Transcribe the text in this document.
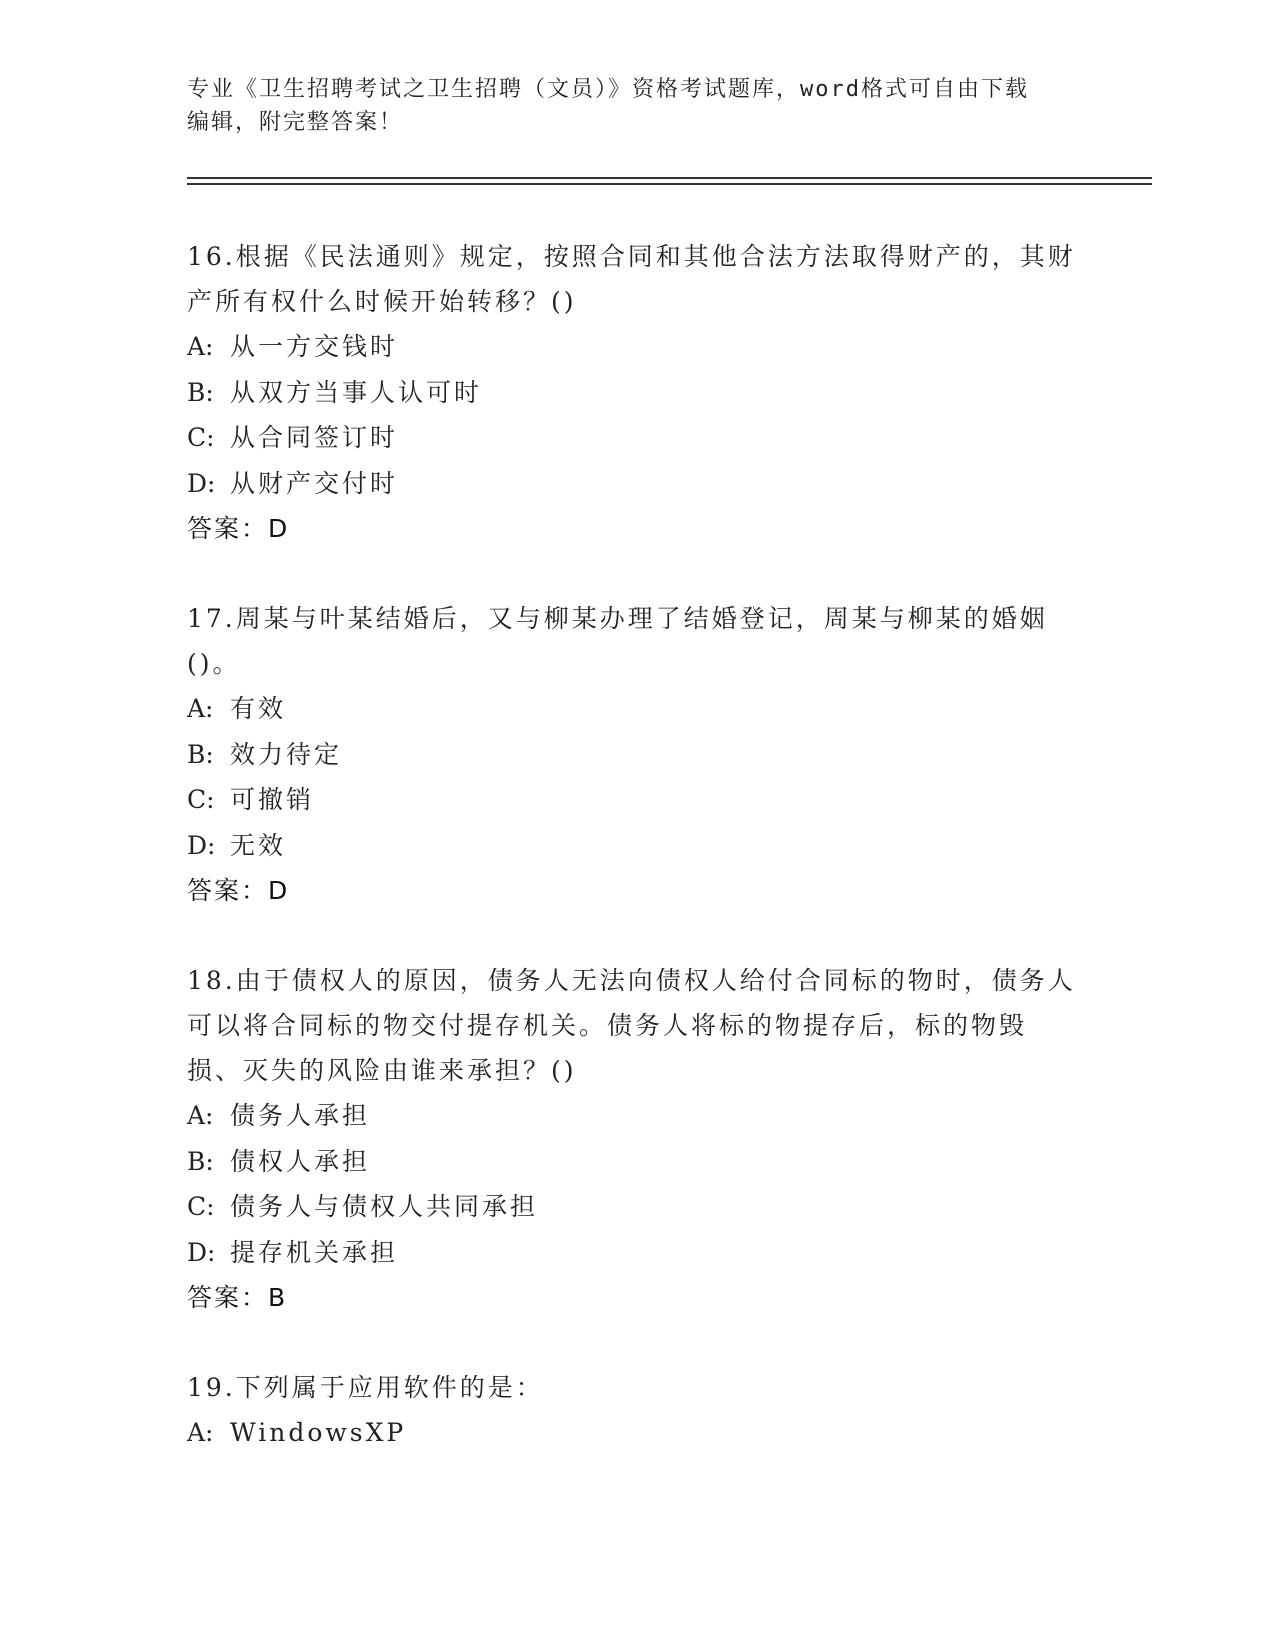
专业《卫生招聘考试之卫生招聘（文员）》资格考试题库，word格式可自由下载
编辑，附完整答案！

16.根据《民法通则》规定，按照合同和其他合法方法取得财产的，其财产所有权什么时候开始转移？()

A: 从一方交钱时

B: 从双方当事人认可时

C: 从合同签订时

D: 从财产交付时

答案：D

17.周某与叶某结婚后，又与柳某办理了结婚登记，周某与柳某的婚姻()。

A: 有效

B: 效力待定

C: 可撤销

D: 无效

答案：D

18.由于债权人的原因，债务人无法向债权人给付合同标的物时，债务人可以将合同标的物交付提存机关。债务人将标的物提存后，标的物毁损、灭失的风险由谁来承担？()

A: 债务人承担

B: 债权人承担

C: 债务人与债权人共同承担

D: 提存机关承担

答案：B

19.下列属于应用软件的是：

A: WindowsXP
